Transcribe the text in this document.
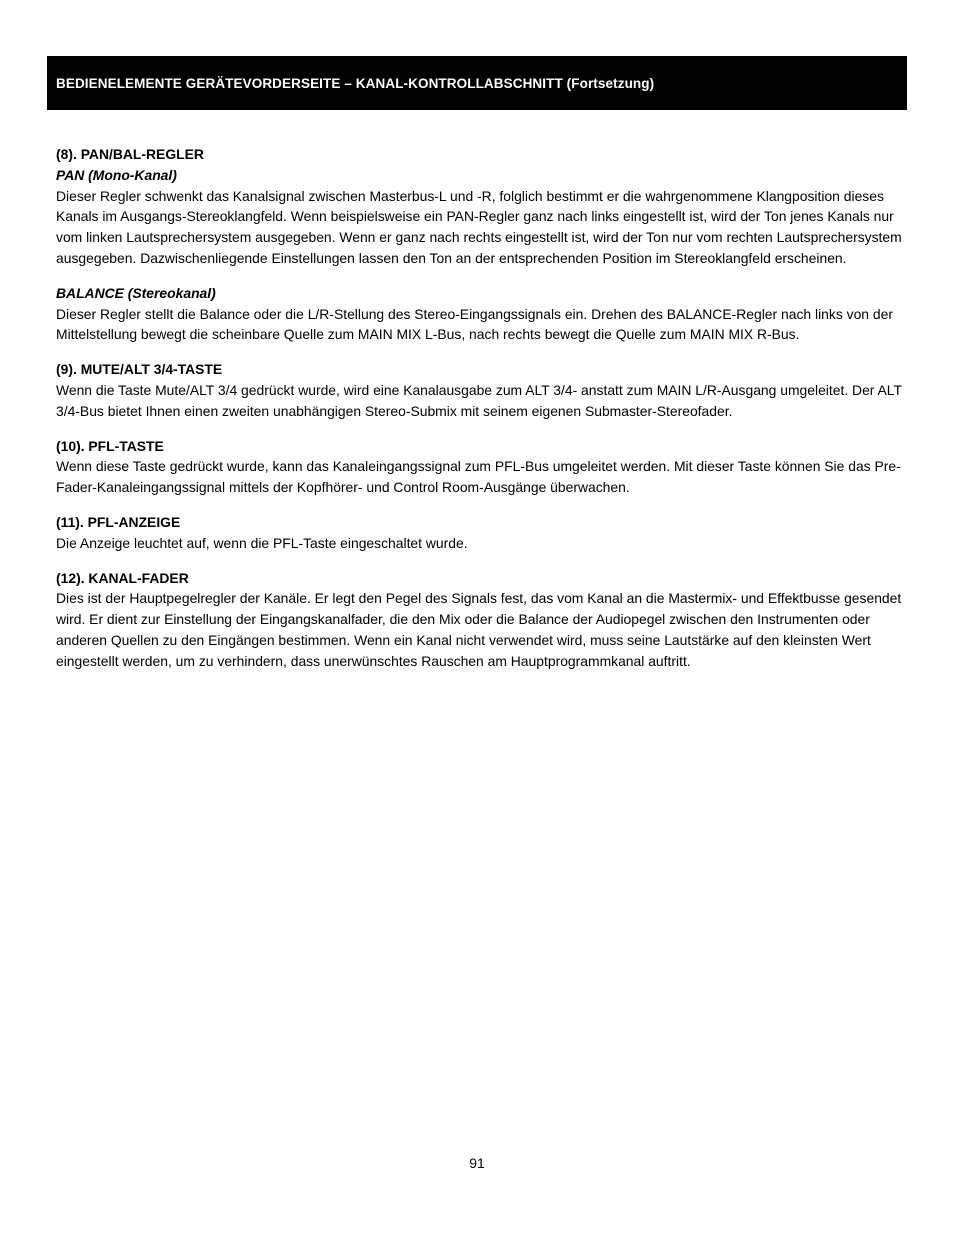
BEDIENELEMENTE GERÄTEVORDERSEITE – KANAL-KONTROLLABSCHNITT (Fortsetzung)

(8). PAN/BAL-REGLER

PAN (Mono-Kanal)

Dieser Regler schwenkt das Kanalsignal zwischen Masterbus-L und -R, folglich bestimmt er die wahrgenommene Klangposition dieses Kanals im Ausgangs-Stereoklangfeld. Wenn beispielsweise ein PAN-Regler ganz nach links eingestellt ist, wird der Ton jenes Kanals nur vom linken Lautsprechersystem ausgegeben. Wenn er ganz nach rechts eingestellt ist, wird der Ton nur vom rechten Lautsprechersystem ausgegeben. Dazwischenliegende Einstellungen lassen den Ton an der entsprechenden Position im Stereoklangfeld erscheinen.

BALANCE (Stereokanal)

Dieser Regler stellt die Balance oder die L/R-Stellung des Stereo-Eingangssignals ein. Drehen des BALANCE-Regler nach links von der Mittelstellung bewegt die scheinbare Quelle zum MAIN MIX L-Bus, nach rechts bewegt die Quelle zum MAIN MIX R-Bus.

(9). MUTE/ALT 3/4-TASTE

Wenn die Taste Mute/ALT 3/4 gedrückt wurde, wird eine Kanalausgabe zum ALT 3/4- anstatt zum MAIN L/R-Ausgang umgeleitet. Der ALT 3/4-Bus bietet Ihnen einen zweiten unabhängigen Stereo-Submix mit seinem eigenen Submaster-Stereofader.

(10). PFL-TASTE

Wenn diese Taste gedrückt wurde, kann das Kanaleingangssignal zum PFL-Bus umgeleitet werden. Mit dieser Taste können Sie das Pre-Fader-Kanaleingangssignal mittels der Kopfhörer- und Control Room-Ausgänge überwachen.

(11). PFL-ANZEIGE

Die Anzeige leuchtet auf, wenn die PFL-Taste eingeschaltet wurde.

(12). KANAL-FADER

Dies ist der Hauptpegelregler der Kanäle. Er legt den Pegel des Signals fest, das vom Kanal an die Mastermix- und Effektbusse gesendet wird. Er dient zur Einstellung der Eingangskanalfader, die den Mix oder die Balance der Audiopegel zwischen den Instrumenten oder anderen Quellen zu den Eingängen bestimmen. Wenn ein Kanal nicht verwendet wird, muss seine Lautstärke auf den kleinsten Wert eingestellt werden, um zu verhindern, dass unerwünschtes Rauschen am Hauptprogrammkanal auftritt.

91
